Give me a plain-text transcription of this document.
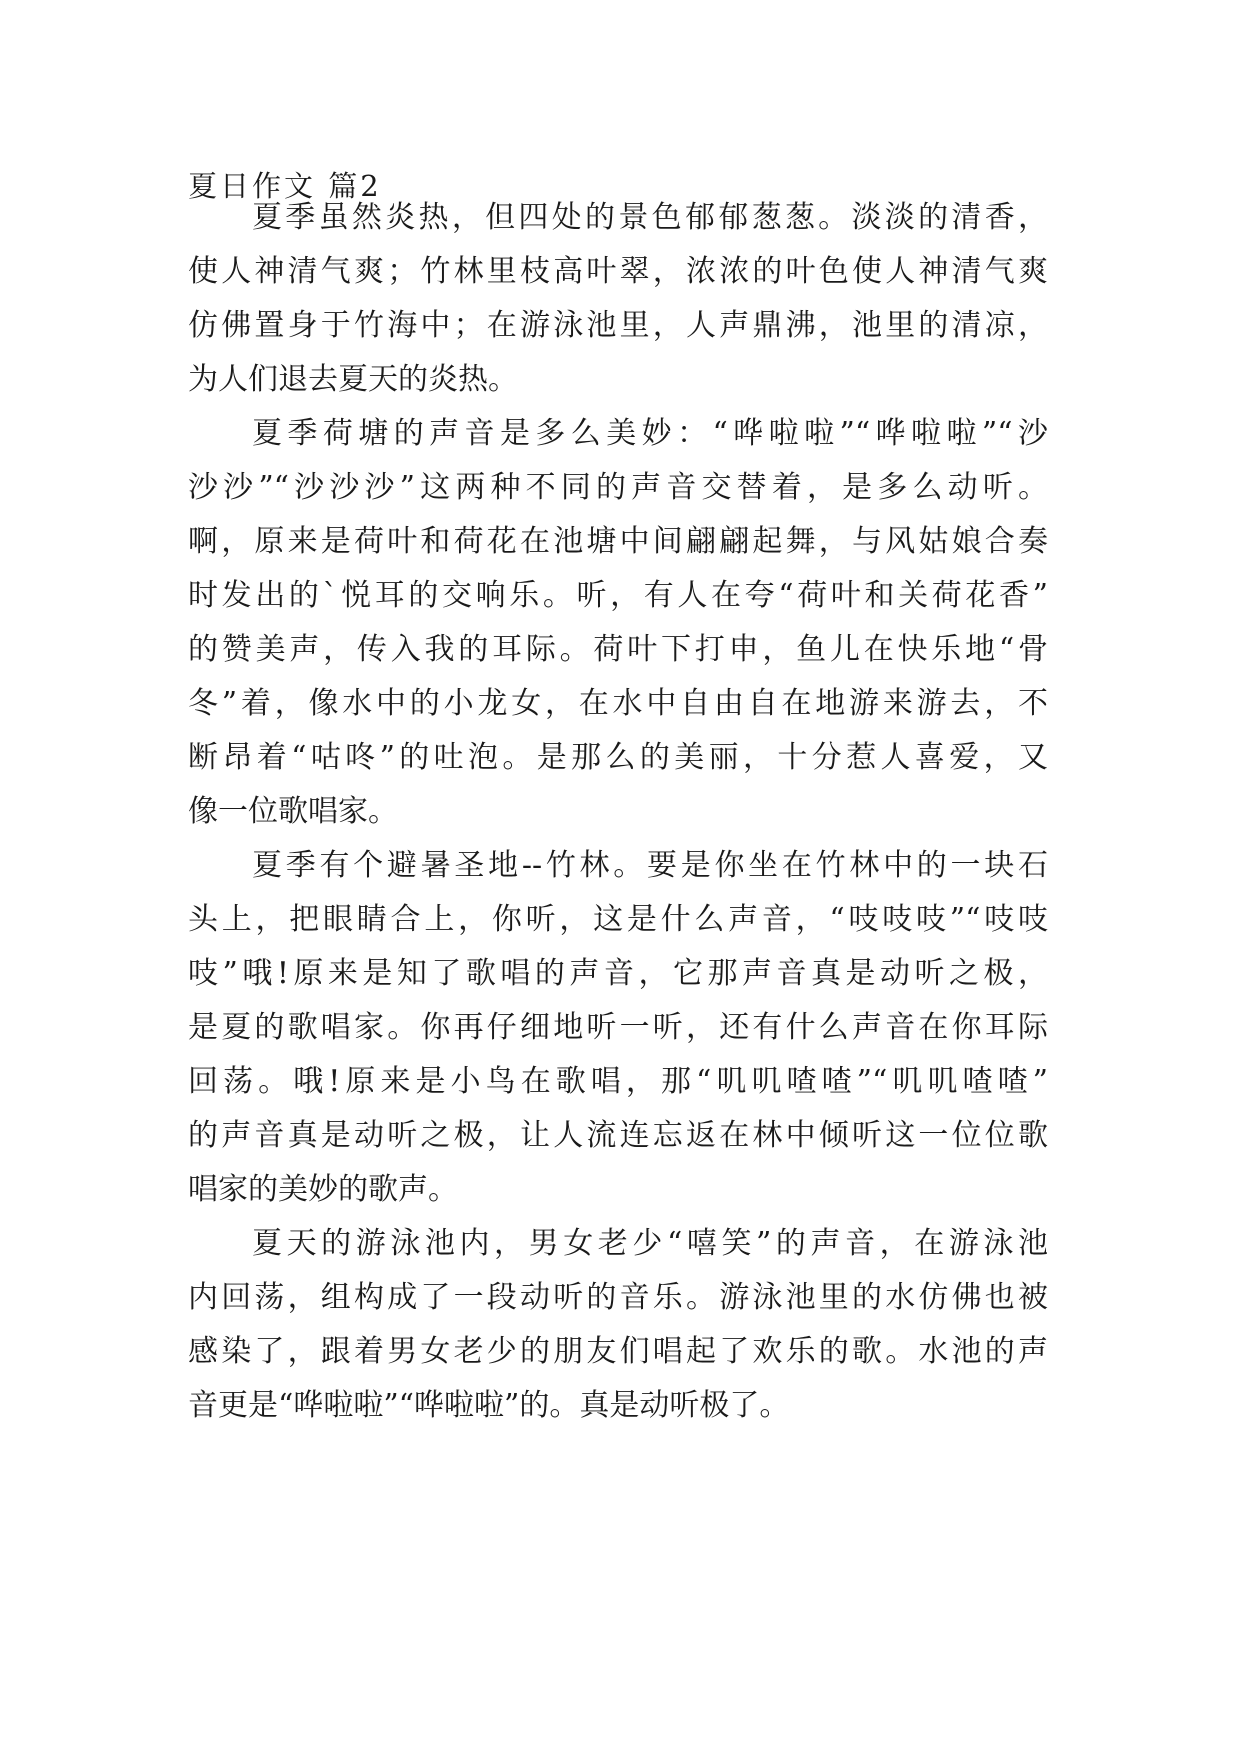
夏日作文 篇2
夏季虽然炎热，但四处的景色郁郁葱葱。淡淡的清香，
使人神清气爽；竹林里枝高叶翠，浓浓的叶色使人神清气爽
仿佛置身于竹海中；在游泳池里，人声鼎沸，池里的清凉，
为人们退去夏天的炎热。
夏季荷塘的声音是多么美妙：“哗啦啦”“哗啦啦”“沙
沙沙”“沙沙沙”这两种不同的声音交替着，是多么动听。
啊，原来是荷叶和荷花在池塘中间翩翩起舞，与风姑娘合奏
时发出的`悦耳的交响乐。听，有人在夸“荷叶和关荷花香”
的赞美声，传入我的耳际。荷叶下打申，鱼儿在快乐地“骨
冬”着，像水中的小龙女，在水中自由自在地游来游去，不
断昂着“咕咚”的吐泡。是那么的美丽，十分惹人喜爱，又
像一位歌唱家。
夏季有个避暑圣地--竹林。要是你坐在竹林中的一块石
头上，把眼睛合上，你听，这是什么声音，“吱吱吱”“吱吱
吱”哦!原来是知了歌唱的声音，它那声音真是动听之极，
是夏的歌唱家。你再仔细地听一听，还有什么声音在你耳际
回荡。哦!原来是小鸟在歌唱，那“叽叽喳喳”“叽叽喳喳”
的声音真是动听之极，让人流连忘返在林中倾听这一位位歌
唱家的美妙的歌声。
夏天的游泳池内，男女老少“嘻笑”的声音，在游泳池
内回荡，组构成了一段动听的音乐。游泳池里的水仿佛也被
感染了，跟着男女老少的朋友们唱起了欢乐的歌。水池的声
音更是“哗啦啦”“哗啦啦”的。真是动听极了。
